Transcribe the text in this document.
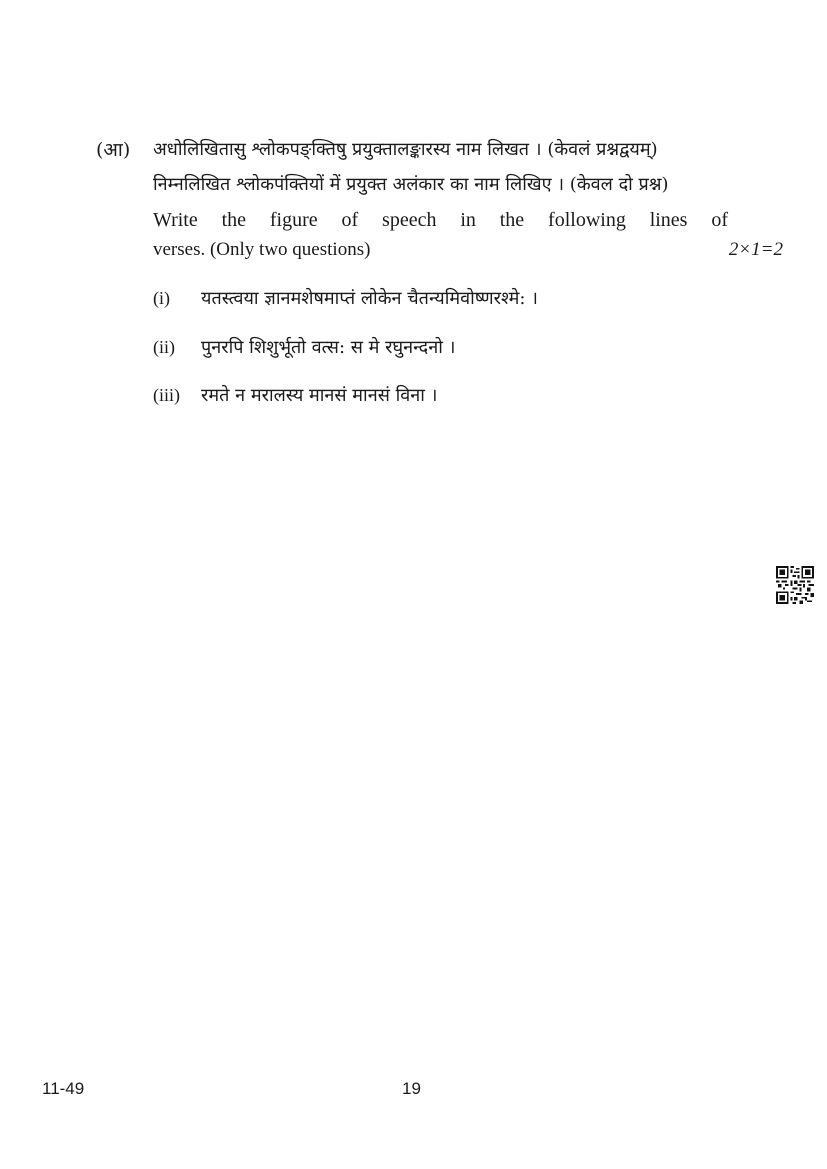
(आ) अधोलिखितासु श्लोकपङ्क्तिषु प्रयुक्तालङ्कारस्य नाम लिखत । (केवलं प्रश्नद्वयम्)
निम्नलिखित श्लोकपंक्तियों में प्रयुक्त अलंकार का नाम लिखिए । (केवल दो प्रश्न)
Write the figure of speech in the following lines of
verses. (Only two questions)	2×1=2
(i) यतस्त्वया ज्ञानमशेषमाप्तं लोकेन चैतन्यमिवोष्णरश्मे: ।
(ii) पुनरपि शिशुर्भूतो वत्स: स मे रघुनन्दनो ।
(iii) रमते न मरालस्य मानसं मानसं विना ।
11-49	19
